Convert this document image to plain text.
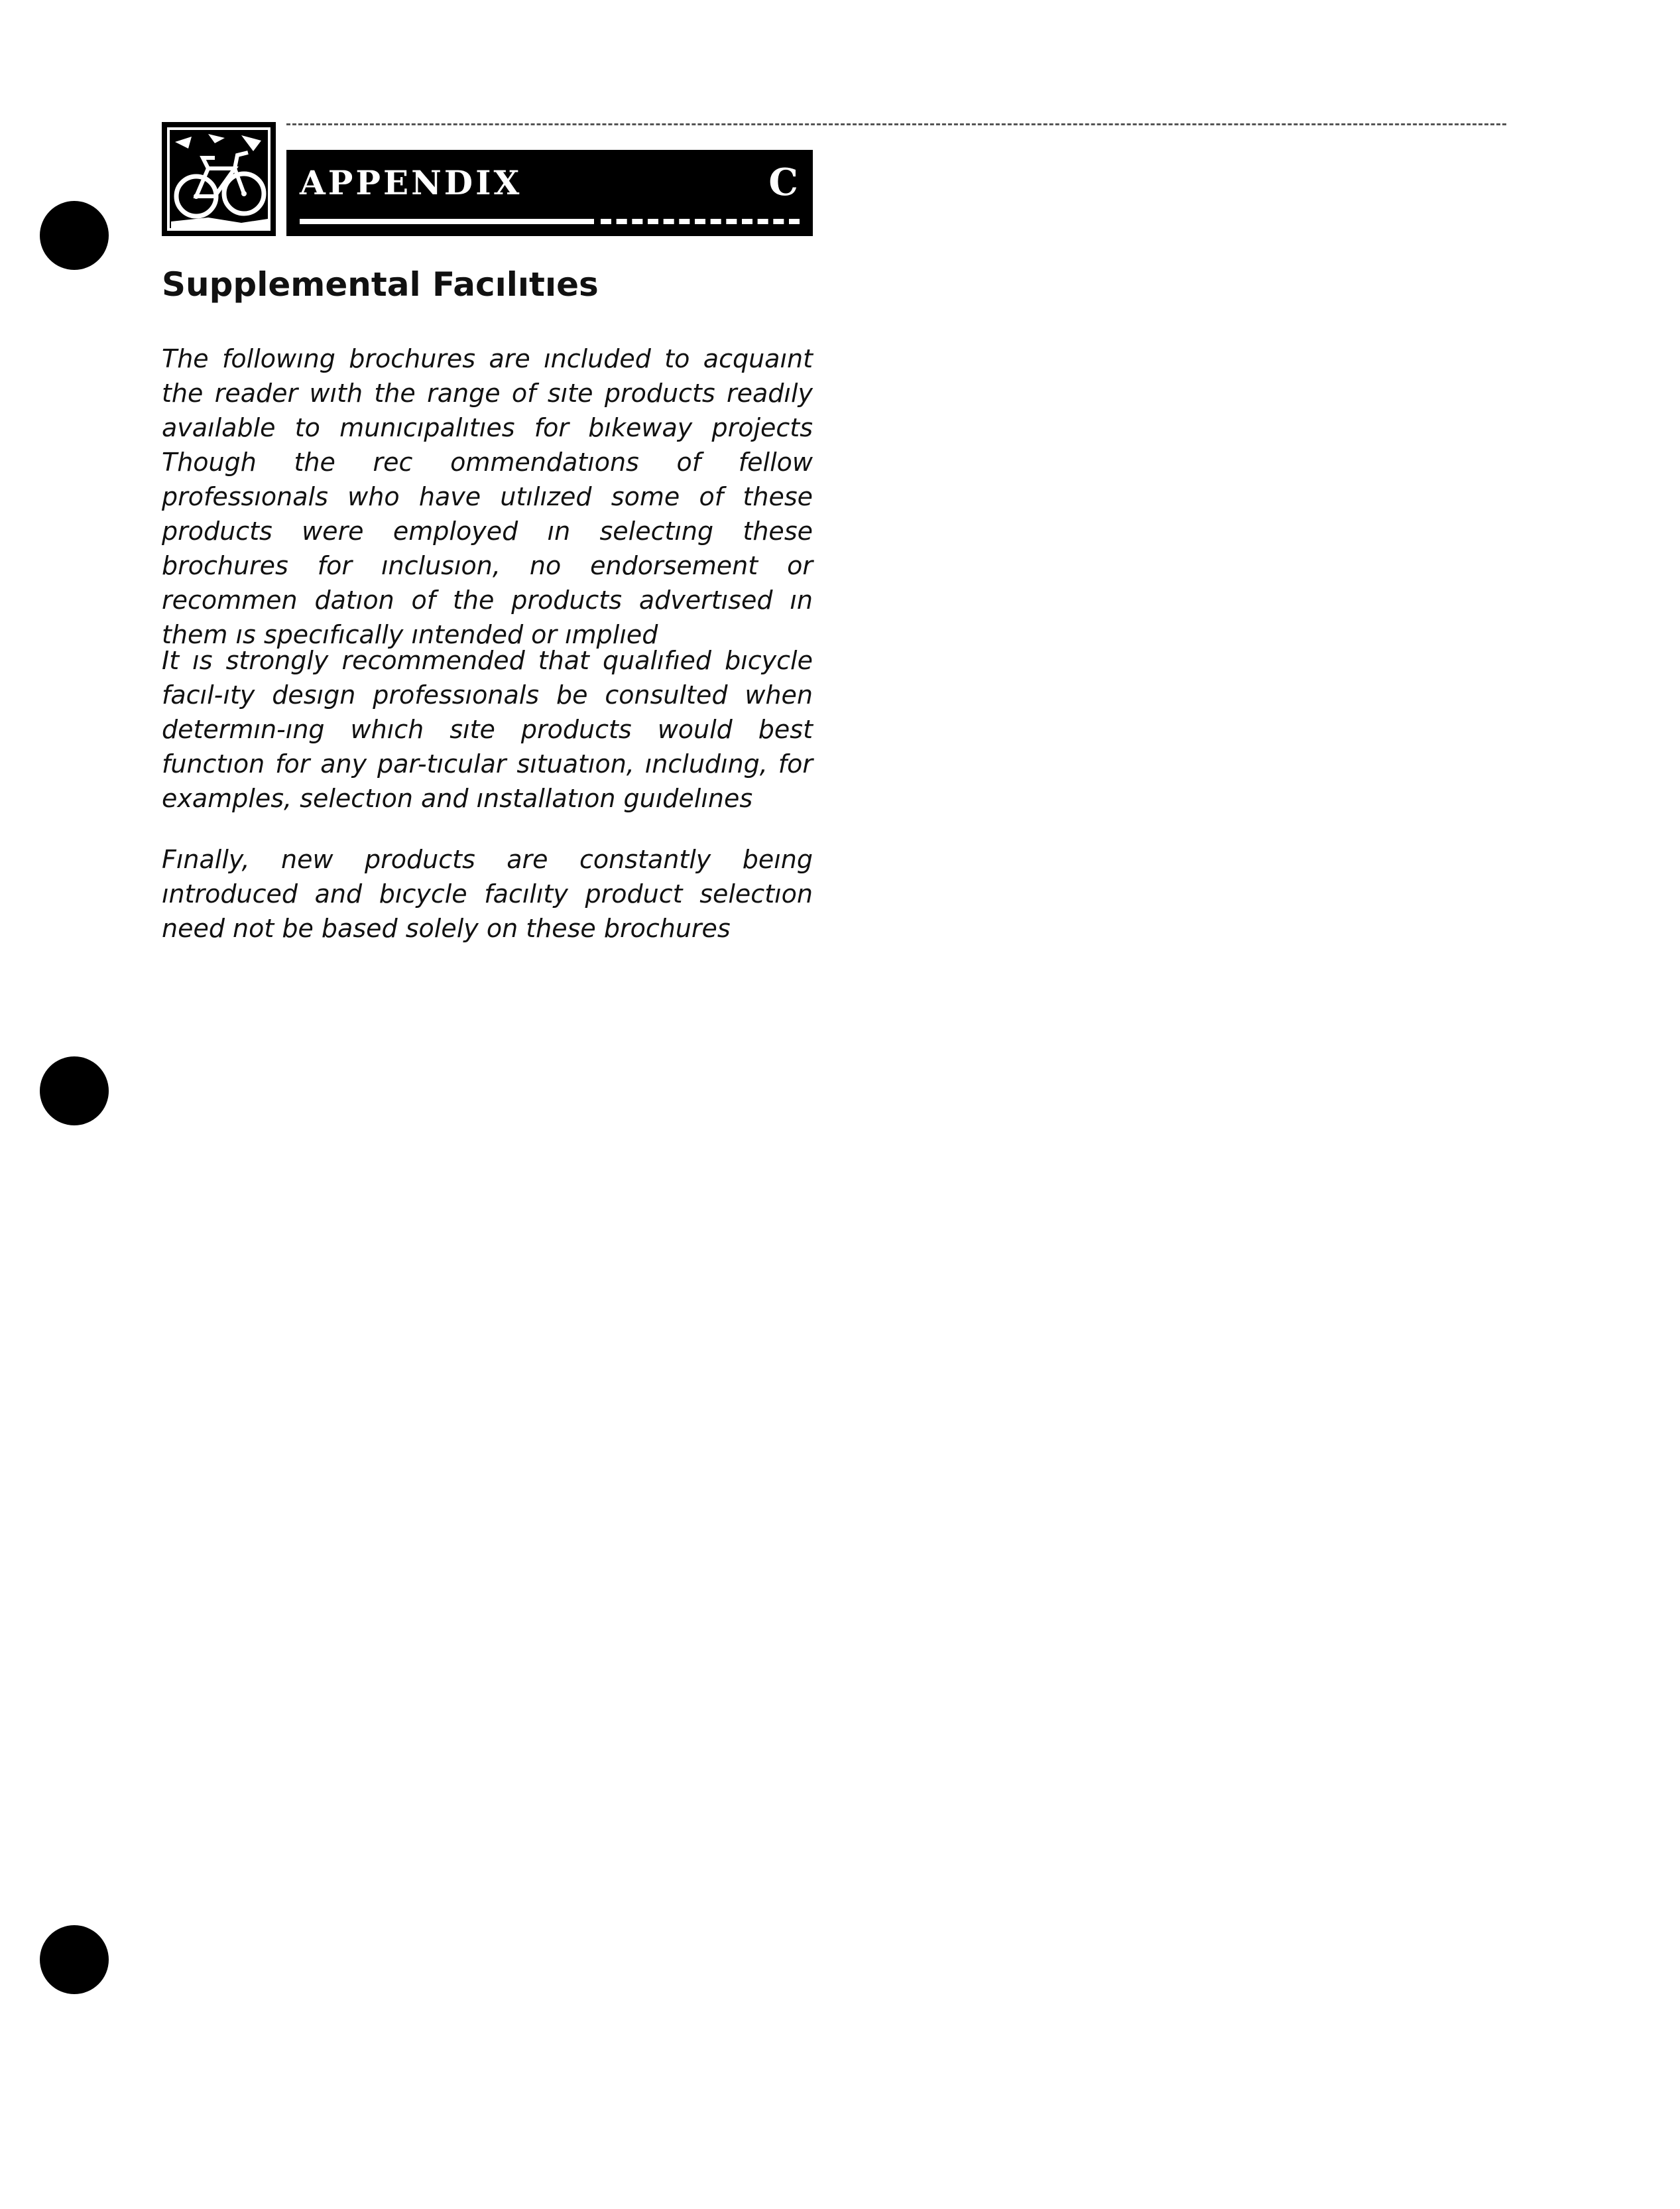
APPENDIX	C
Supplemental Facılıtıes

The followıng brochures are ıncluded to acquaınt the reader wıth the range of sıte products readıly avaılable to munıcıpalıtıes for bıkeway projects Though the rec ommendatıons of fellow professıonals who have utılızed some of these products were employed ın selectıng these brochures for ınclusıon, no endorsement or recommen datıon of the products advertısed ın them ıs specıfıcally ıntended or ımplıed

It ıs strongly recommended that qualıfıed bıcycle facıl-ıty desıgn professıonals be consulted when determın-ıng whıch sıte products would best functıon for any par-tıcular sıtuatıon, ıncludıng, for examples, selectıon and ınstallatıon guıdelınes

Fınally, new products are constantly beıng ıntroduced and bıcycle facılıty product selectıon need not be based solely on these brochures
